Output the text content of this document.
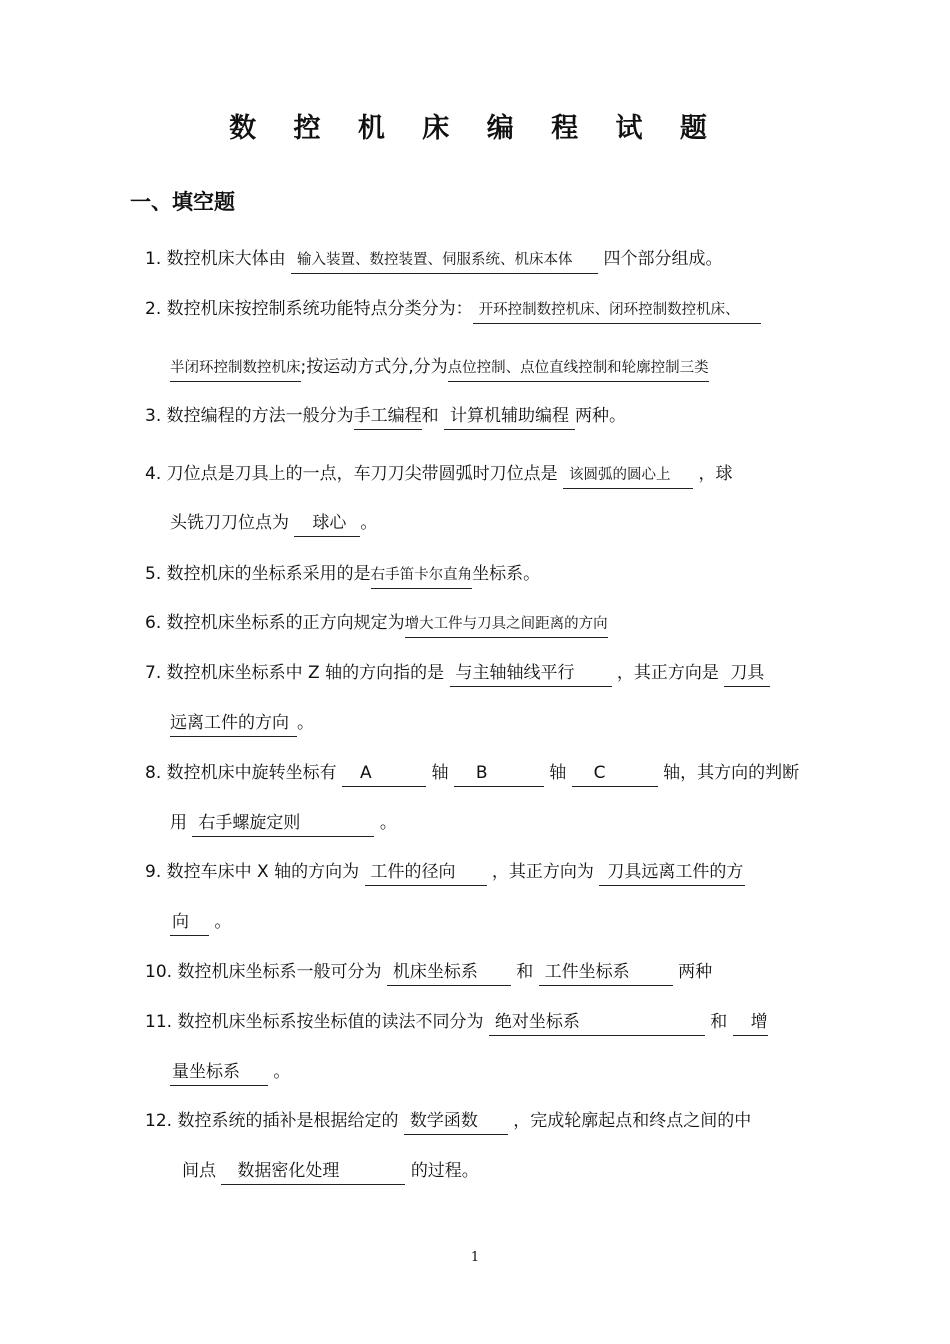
数 控 机 床 编 程 试 题
一、填空题
1. 数控机床大体由 输入装置、数控装置、伺服系统、机床本体 四个部分组成。
2. 数控机床按控制系统功能特点分类分为： 开环控制数控机床、闭环控制数控机床、
半闭环控制数控机床;按运动方式分,分为点位控制、点位直线控制和轮廓控制三类
3. 数控编程的方法一般分为手工编程和 计算机辅助编程 两种。
4. 刀位点是刀具上的一点，车刀刀尖带圆弧时刀位点是 该圆弧的圆心上 ，球
头铣刀刀位点为 球心 。
5. 数控机床的坐标系采用的是右手笛卡尔直角坐标系。
6. 数控机床坐标系的正方向规定为增大工件与刀具之间距离的方向
7. 数控机床坐标系中 Z 轴的方向指的是 与主轴轴线平行 ，其正方向是 刀具
远离工件的方向 。
8. 数控机床中旋转坐标有 A	轴 B	轴 C	轴，其方向的判断
用 右手螺旋定则	。
9. 数控车床中 X 轴的方向为 工件的径向 ，其正方向为 刀具远离工件的方
向 。
10. 数控机床坐标系一般可分为 机床坐标系 和 工件坐标系	两种
11. 数控机床坐标系按坐标值的读法不同分为 绝对坐标系	和 增
量坐标系 。
12. 数控系统的插补是根据给定的 数学函数 ，完成轮廓起点和终点之间的中
间点 数据密化处理	的过程。
1
